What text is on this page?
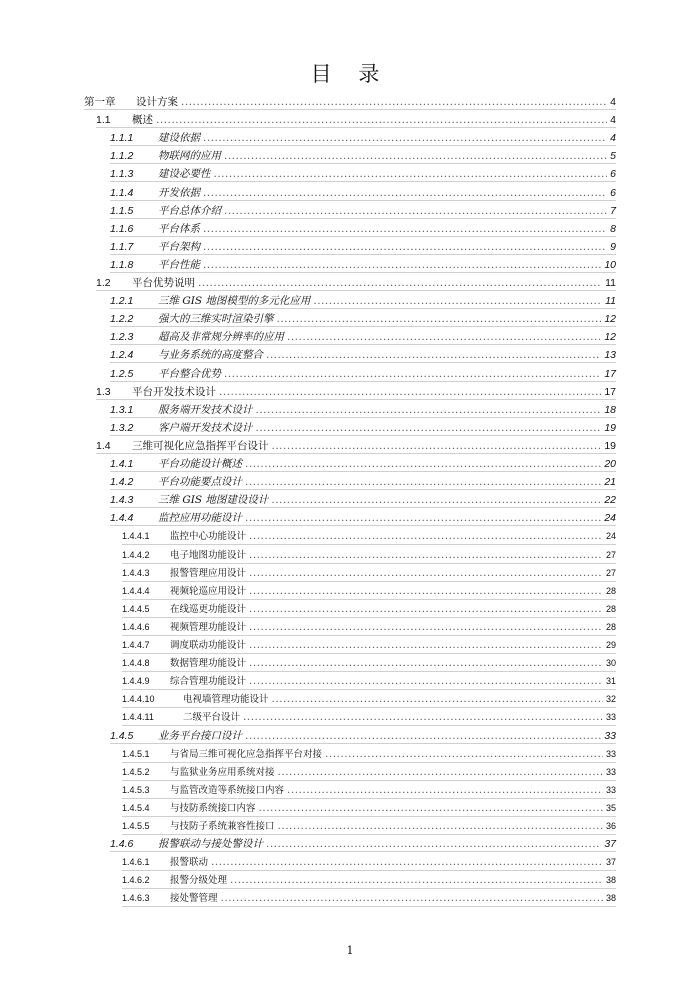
目 录
第一章	设计方案 .....	4
1.1	概述 .....	4
1.1.1	建设依据 .....	4
1.1.2	物联网的应用 .....	5
1.1.3	建设必要性 .....	6
1.1.4	开发依据 .....	6
1.1.5	平台总体介绍 .....	7
1.1.6	平台体系 .....	8
1.1.7	平台架构 .....	9
1.1.8	平台性能 .....	10
1.2	平台优势说明 .....	11
1.2.1	三维 GIS 地图模型的多元化应用 .....	11
1.2.2	强大的三维实时渲染引擎 .....	12
1.2.3	超高及非常规分辨率的应用 .....	12
1.2.4	与业务系统的高度整合 .....	13
1.2.5	平台整合优势 .....	17
1.3	平台开发技术设计 .....	17
1.3.1	服务端开发技术设计 .....	18
1.3.2	客户端开发技术设计 .....	19
1.4	三维可视化应急指挥平台设计 .....	19
1.4.1	平台功能设计概述 .....	20
1.4.2	平台功能要点设计 .....	21
1.4.3	三维 GIS 地图建设设计 .....	22
1.4.4	监控应用功能设计 .....	24
1.4.4.1	监控中心功能设计 .....	24
1.4.4.2	电子地图功能设计 .....	27
1.4.4.3	报警管理应用设计 .....	27
1.4.4.4	视频轮巡应用设计 .....	28
1.4.4.5	在线巡更功能设计 .....	28
1.4.4.6	视频管理功能设计 .....	28
1.4.4.7	调度联动功能设计 .....	29
1.4.4.8	数据管理功能设计 .....	30
1.4.4.9	综合管理功能设计 .....	31
1.4.4.10	电视墙管理功能设计 .....	32
1.4.4.11	二级平台设计 .....	33
1.4.5	业务平台接口设计 .....	33
1.4.5.1	与省局三维可视化应急指挥平台对接 .....	33
1.4.5.2	与监狱业务应用系统对接 .....	33
1.4.5.3	与监管改造等系统接口内容 .....	33
1.4.5.4	与技防系统接口内容 .....	35
1.4.5.5	与技防子系统兼容性接口 .....	36
1.4.6	报警联动与接处警设计 .....	37
1.4.6.1	报警联动 .....	37
1.4.6.2	报警分级处理 .....	38
1.4.6.3	接处警管理 .....	38
1
